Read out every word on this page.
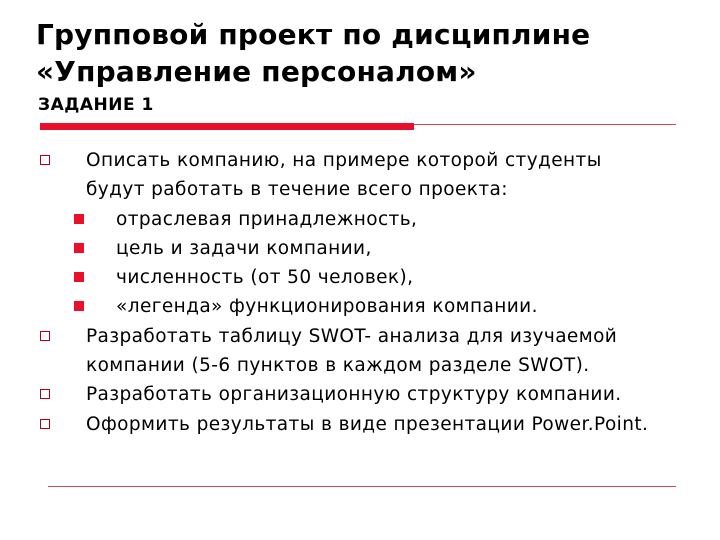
Групповой проект по дисциплине
«Управление персоналом»
ЗАДАНИЕ 1
Описать компанию, на примере которой студенты
будут работать в течение всего проекта:
отраслевая принадлежность,
цель и задачи компании,
численность (от 50 человек),
«легенда» функционирования компании.
Разработать таблицу SWOT- анализа для изучаемой
компании (5-6 пунктов в каждом разделе SWOT).
Разработать организационную структуру компании.
Оформить результаты в виде презентации Power.Point.
